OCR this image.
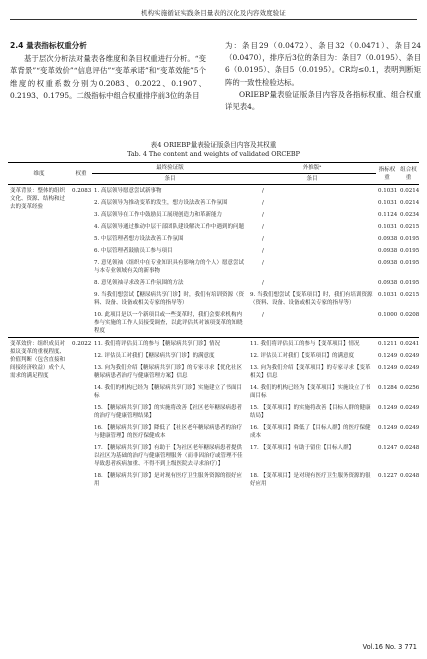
机构实施循证实践条目量表的汉化及内容效度验证
2.4 量表指标权重分析
基于层次分析法对量表各维度和条目权重进行分析。“变革背景”“变革效价”“信息评估”“变革承诺”和“变革效能”5个维度的权重系数分别为0.2083、0.2022、0.1907、0.2193、0.1795。二级指标中组合权重排序前3位的条目
为：条目29（0.0472）、条目32（0.0471）、条目24（0.0470），排序后3位的条目为：条目7（0.0195）、条目6（0.0195）、条目5（0.0195）。CR均≤0.1，表明判断矩阵的一致性检验达标。
ORIEBP量表验证版条目内容及各指标权重、组合权重详见表4。
表4 ORIEBP量表验证版条目内容及其权重
Tab. 4 The content and weights of validated ORCEBP
维度	权重	最终验证版	外推版ᵃ	指标权重	组合权重
		条目	条目		
变革背景：整体的组织文化、资源、结构和过去的变革经验	0.2083	1. 高层领导愿意尝试新事物	/	0.1031	0.0214
		2. 高层领导为推动变革的发生，想方设法改善工作氛围	/	0.1031	0.0214
		3. 高层领导在工作中鼓励员工展现创造力和革新能力	/	0.1124	0.0234
		4. 高层领导通过推动中层干部团队建设解决工作中遇到的问题	/	0.1031	0.0215
		5. 中层管理者想方设法改善工作氛围	/	0.0938	0.0195
		6. 中层管理者鼓励员工参与项目	/	0.0938	0.0195
		7. 意见领袖（组织中在专业知识具有影响力的个人）愿意尝试与本专业领域有关的新事物	/	0.0938	0.0195
		8. 意见领袖寻求改善工作氛围的方法	/	0.0938	0.0195
		9. 当我们想尝试【糖尿病共享门诊】时，我们有培训资源（资料、设备、设备或相关专家的指导等）	9. 当我们想尝试【变革项目】时，我们有培训资源（资料、设备、设备或相关专家的指导等）	0.1031	0.0215
		10. 此项目是以一个新项目或一些变革时，我们会要求机构内参与实施的工作人员接受调查，以此评估其对该项变革的知晓程度	/	0.1000	0.0208
变革效价：组织成员对拟议变革的重视程度、价值判断（包含直接和间接经济收益）成个人需求的满足程度	0.2022	11. 我们将评估员工的参与【糖尿病共享门诊】情况	11. 我们将评估员工的参与【变革项目】情况	0.1211	0.0241
		12. 评估员工对我们【糖尿病共享门诊】的满意度	12. 评估员工对我们【变革项目】的满意度	0.1249	0.0249
		13. 向为我们介绍【糖尿病共享门诊】的专家寻求【优化社区糖尿病患者治疗与健康管理方案】信息	13. 向为我们介绍【变革项目】的专家寻求【变革相关】信息	0.1249	0.0249
		14. 我们的机构已经为【糖尿病共享门诊】实施建立了书面目标	14. 我们的机构已经为【变革项目】实施设立了书面目标	0.1284	0.0256
		15. 【糖尿病共享门诊】的实施将改善【社区老年糖尿病患者的治疗与健康管理结果】	15. 【变革项目】的实施将改善【目标人群的健康结局】	0.1249	0.0249
		16. 【糖尿病共享门诊】降低了【社区老年糖尿病患者的治疗与健康管理】的医疗保健成本	16. 【变革项目】降低了【目标人群】的医疗保健成本	0.1249	0.0249
		17. 【糖尿病共享门诊】有助于【为社区老年糖尿病患者提供以社区为基础的治疗与健康管理服务（而非因治疗或管理不佳导致患者疾病加重、不得不到上级医院去寻求治疗）】	17. 【变革项目】有助于留住【目标人群】	0.1247	0.0248
		18. 【糖尿病共享门诊】是对现有医疗卫生服务资源的很好应用	18. 【变革项目】是对现有医疗卫生服务资源的很好应用	0.1227	0.0248
Vol.16 No. 3 771
